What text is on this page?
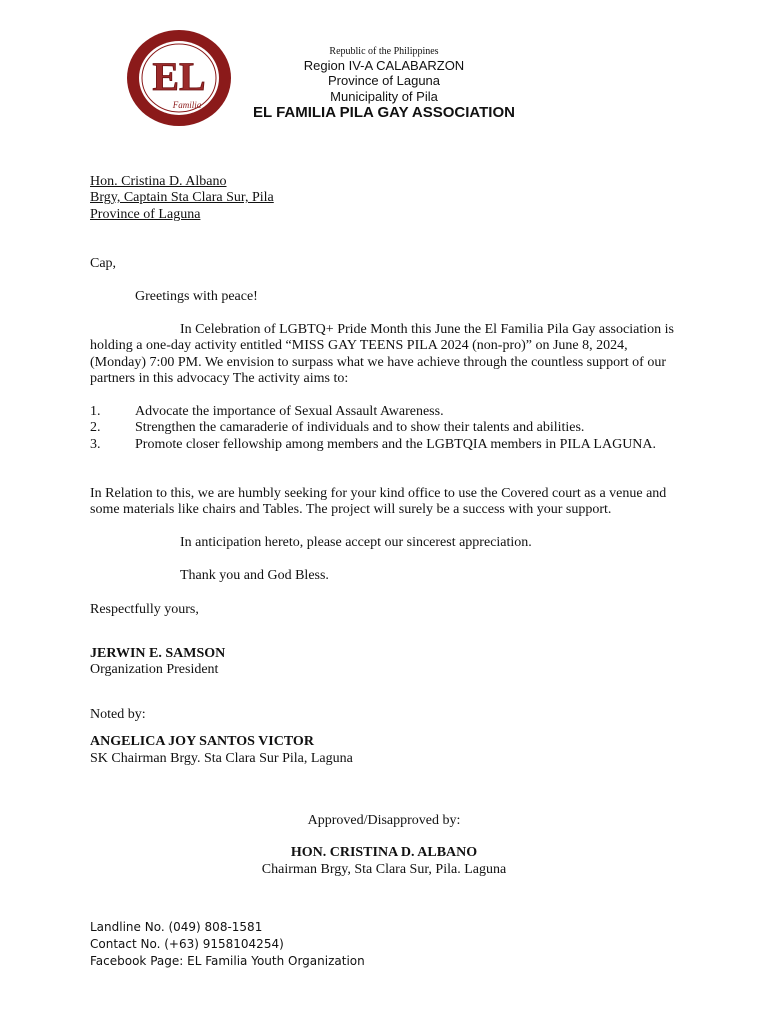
EL
Familia
Republic of the Philippines
Region IV-A CALABARZON
Province of Laguna
Municipality of Pila
EL FAMILIA PILA GAY ASSOCIATION
Hon. Cristina D. Albano
Brgy, Captain Sta Clara Sur, Pila
Province of Laguna
Cap,
Greetings with peace!
In Celebration of LGBTQ+ Pride Month this June the El Familia Pila Gay association is
holding a one-day activity entitled “MISS GAY TEENS PILA 2024 (non-pro)” on June 8, 2024,
(Monday) 7:00 PM. We envision to surpass what we have achieve through the countless support of our
partners in this advocacy The activity aims to:
1. Advocate the importance of Sexual Assault Awareness.
2. Strengthen the camaraderie of individuals and to show their talents and abilities.
3. Promote closer fellowship among members and the LGBTQIA members in PILA LAGUNA.
In Relation to this, we are humbly seeking for your kind office to use the Covered court as a venue and
some materials like chairs and Tables. The project will surely be a success with your support.
In anticipation hereto, please accept our sincerest appreciation.
Thank you and God Bless.
Respectfully yours,
JERWIN E. SAMSON
Organization President
Noted by:
ANGELICA JOY SANTOS VICTOR
SK Chairman Brgy. Sta Clara Sur Pila, Laguna
Approved/Disapproved by:
HON. CRISTINA D. ALBANO
Chairman Brgy, Sta Clara Sur, Pila. Laguna
Landline No. (049) 808-1581
Contact No. (+63) 9158104254)
Facebook Page: EL Familia Youth Organization
